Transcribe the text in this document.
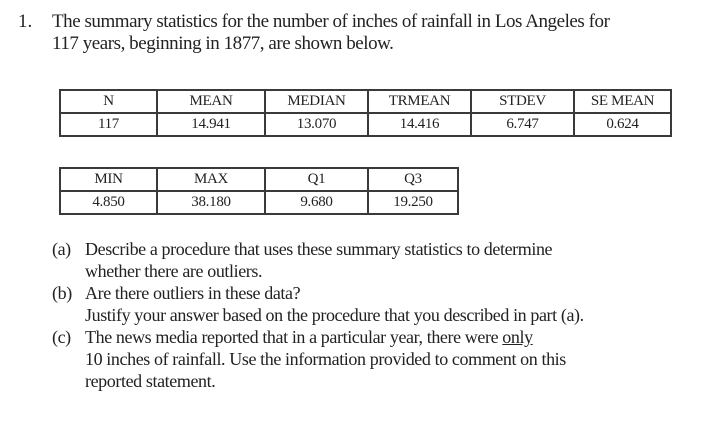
1. The summary statistics for the number of inches of rainfall in Los Angeles for
117 years, beginning in 1877, are shown below.
N	MEAN	MEDIAN	TRMEAN	STDEV	SE MEAN
117	14.941	13.070	14.416	6.747	0.624
MIN	MAX	Q1	Q3
4.850	38.180	9.680	19.250
(a) Describe a procedure that uses these summary statistics to determine
whether there are outliers.
(b) Are there outliers in these data?
Justify your answer based on the procedure that you described in part (a).
(c) The news media reported that in a particular year, there were only
10 inches of rainfall. Use the information provided to comment on this
reported statement.
